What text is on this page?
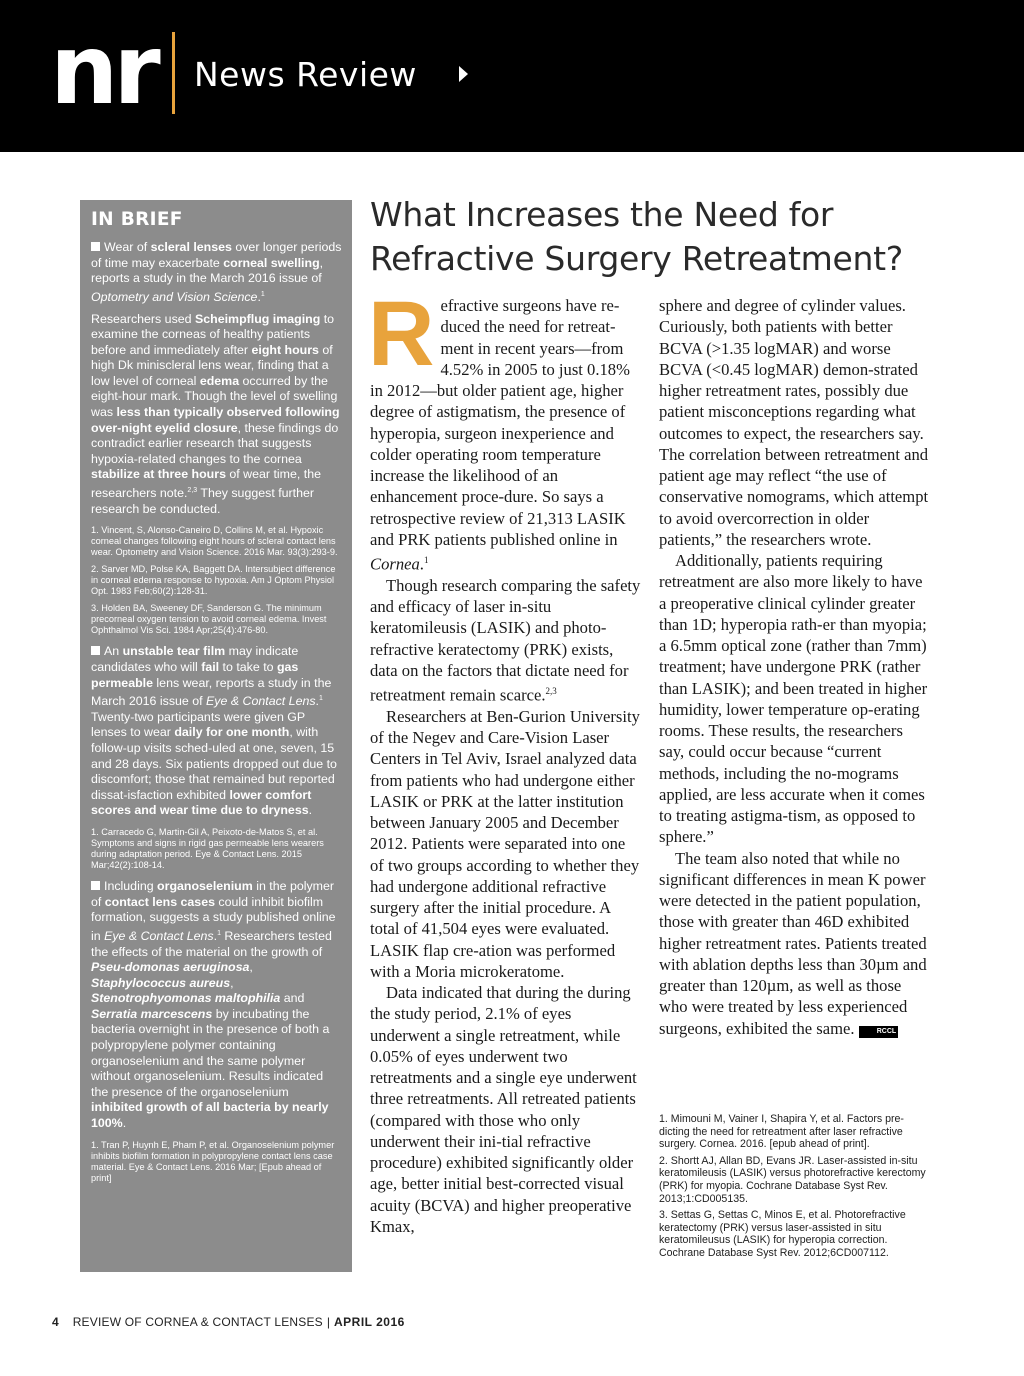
nr News Review
IN BRIEF
Wear of scleral lenses over longer periods of time may exacerbate corneal swelling, reports a study in the March 2016 issue of Optometry and Vision Science.$^1$
Researchers used Scheimpflug imaging to examine the corneas of healthy patients before and immediately after eight hours of high Dk miniscleral lens wear, finding that a low level of corneal edema occurred by the eight-hour mark. Though the level of swelling was less than typically observed following over-night eyelid closure, these findings do contradict earlier research that suggests hypoxia-related changes to the cornea stabilize at three hours of wear time, the researchers note.$^{2,3}$ They suggest further research be conducted.

1. Vincent, S, Alonso-Caneiro D, Collins M, et al. Hypoxic corneal changes following eight hours of scleral contact lens wear. Optometry and Vision Science. 2016 Mar. 93(3):293-9.

2. Sarver MD, Polse KA, Baggett DA. Intersubject difference in corneal edema response to hypoxia. Am J Optom Physiol Opt. 1983 Feb;60(2):128-31.

3. Holden BA, Sweeney DF, Sanderson G. The minimum precorneal oxygen tension to avoid corneal edema. Invest Ophthalmol Vis Sci. 1984 Apr;25(4):476-80.

An unstable tear film may indicate candidates who will fail to take to gas permeable lens wear, reports a study in the March 2016 issue of Eye & Contact Lens.$^1$ Twenty-two participants were given GP lenses to wear daily for one month, with follow-up visits sched-uled at one, seven, 15 and 28 days. Six patients dropped out due to discomfort; those that remained but reported dissat-isfaction exhibited lower comfort scores and wear time due to dryness.

1. Carracedo G, Martin-Gil A, Peixoto-de-Matos S, et al. Symptoms and signs in rigid gas permeable lens wearers during adaptation period. Eye & Contact Lens. 2015 Mar;42(2):108-14.

Including organoselenium in the polymer of contact lens cases could inhibit biofilm formation, suggests a study published online in Eye & Contact Lens.$^1$ Researchers tested the effects of the material on the growth of Pseu-domonas aeruginosa, Staphylococcus aureus, Stenotrophyomonas maltophilia and Serratia marcescens by incubating the bacteria overnight in the presence of both a polypropylene polymer containing organoselenium and the same polymer without organoselenium. Results indicated the presence of the organoselenium inhibited growth of all bacteria by nearly 100%.

1. Tran P, Huynh E, Pham P, et al. Organoselenium polymer inhibits biofilm formation in polypropylene contact lens case material. Eye & Contact Lens. 2016 Mar; [Epub ahead of print]

What Increases the Need for Refractive Surgery Retreatment?

Refractive surgeons have re-duced the need for retreat-ment in recent years—from 4.52% in 2005 to just 0.18% in 2012—but older patient age, higher degree of astigmatism, the presence of hyperopia, surgeon inexperience and colder operating room temperature increase the likelihood of an enhancement proce-dure. So says a retrospective review of 21,313 LASIK and PRK patients published online in Cornea.$^1$

Though research comparing the safety and efficacy of laser in-situ keratomileusis (LASIK) and photo-refractive keratectomy (PRK) exists, data on the factors that dictate need for retreatment remain scarce.$^{2,3}$

Researchers at Ben-Gurion University of the Negev and Care-Vision Laser Centers in Tel Aviv, Israel analyzed data from patients who had undergone either LASIK or PRK at the latter institution between January 2005 and December 2012. Patients were separated into one of two groups according to whether they had undergone additional refractive surgery after the initial procedure. A total of 41,504 eyes were evaluated. LASIK flap cre-ation was performed with a Moria microkeratome.

Data indicated that during the during the study period, 2.1% of eyes underwent a single retreatment, while 0.05% of eyes underwent two retreatments and a single eye underwent three retreatments. All retreated patients (compared with those who only underwent their ini-tial refractive procedure) exhibited significantly older age, better initial best-corrected visual acuity (BCVA) and higher preoperative Kmax,

sphere and degree of cylinder values. Curiously, both patients with better BCVA (>1.35 logMAR) and worse BCVA (<0.45 logMAR) demon-strated higher retreatment rates, possibly due patient misconceptions regarding what outcomes to expect, the researchers say. The correlation between retreatment and patient age may reflect “the use of conservative nomograms, which attempt to avoid overcorrection in older patients,” the researchers wrote.

Additionally, patients requiring retreatment are also more likely to have a preoperative clinical cylinder greater than 1D; hyperopia rath-er than myopia; a 6.5mm optical zone (rather than 7mm) treatment; have undergone PRK (rather than LASIK); and been treated in higher humidity, lower temperature op-erating rooms. These results, the researchers say, could occur because “current methods, including the no-mograms applied, are less accurate when it comes to treating astigma-tism, as opposed to sphere.”

The team also noted that while no significant differences in mean K power were detected in the patient population, those with greater than 46D exhibited higher retreatment rates. Patients treated with ablation depths less than 30µm and greater than 120µm, as well as those who were treated by less experienced surgeons, exhibited the same.	RCCL

1. Mimouni M, Vainer I, Shapira Y, et al. Factors pre-dicting the need for retreatment after laser refractive surgery. Cornea. 2016. [epub ahead of print].

2. Shortt AJ, Allan BD, Evans JR. Laser-assisted in-situ keratomileusis (LASIK) versus photorefractive kerectomy (PRK) for myopia. Cochrane Database Syst Rev. 2013;1:CD005135.

3. Settas G, Settas C, Minos E, et al. Photorefractive keratectomy (PRK) versus laser-assisted in situ keratomileusus (LASIK) for hyperopia correction. Cochrane Database Syst Rev. 2012;6CD007112.

4 REVIEW OF CORNEA & CONTACT LENSES | APRIL 2016
